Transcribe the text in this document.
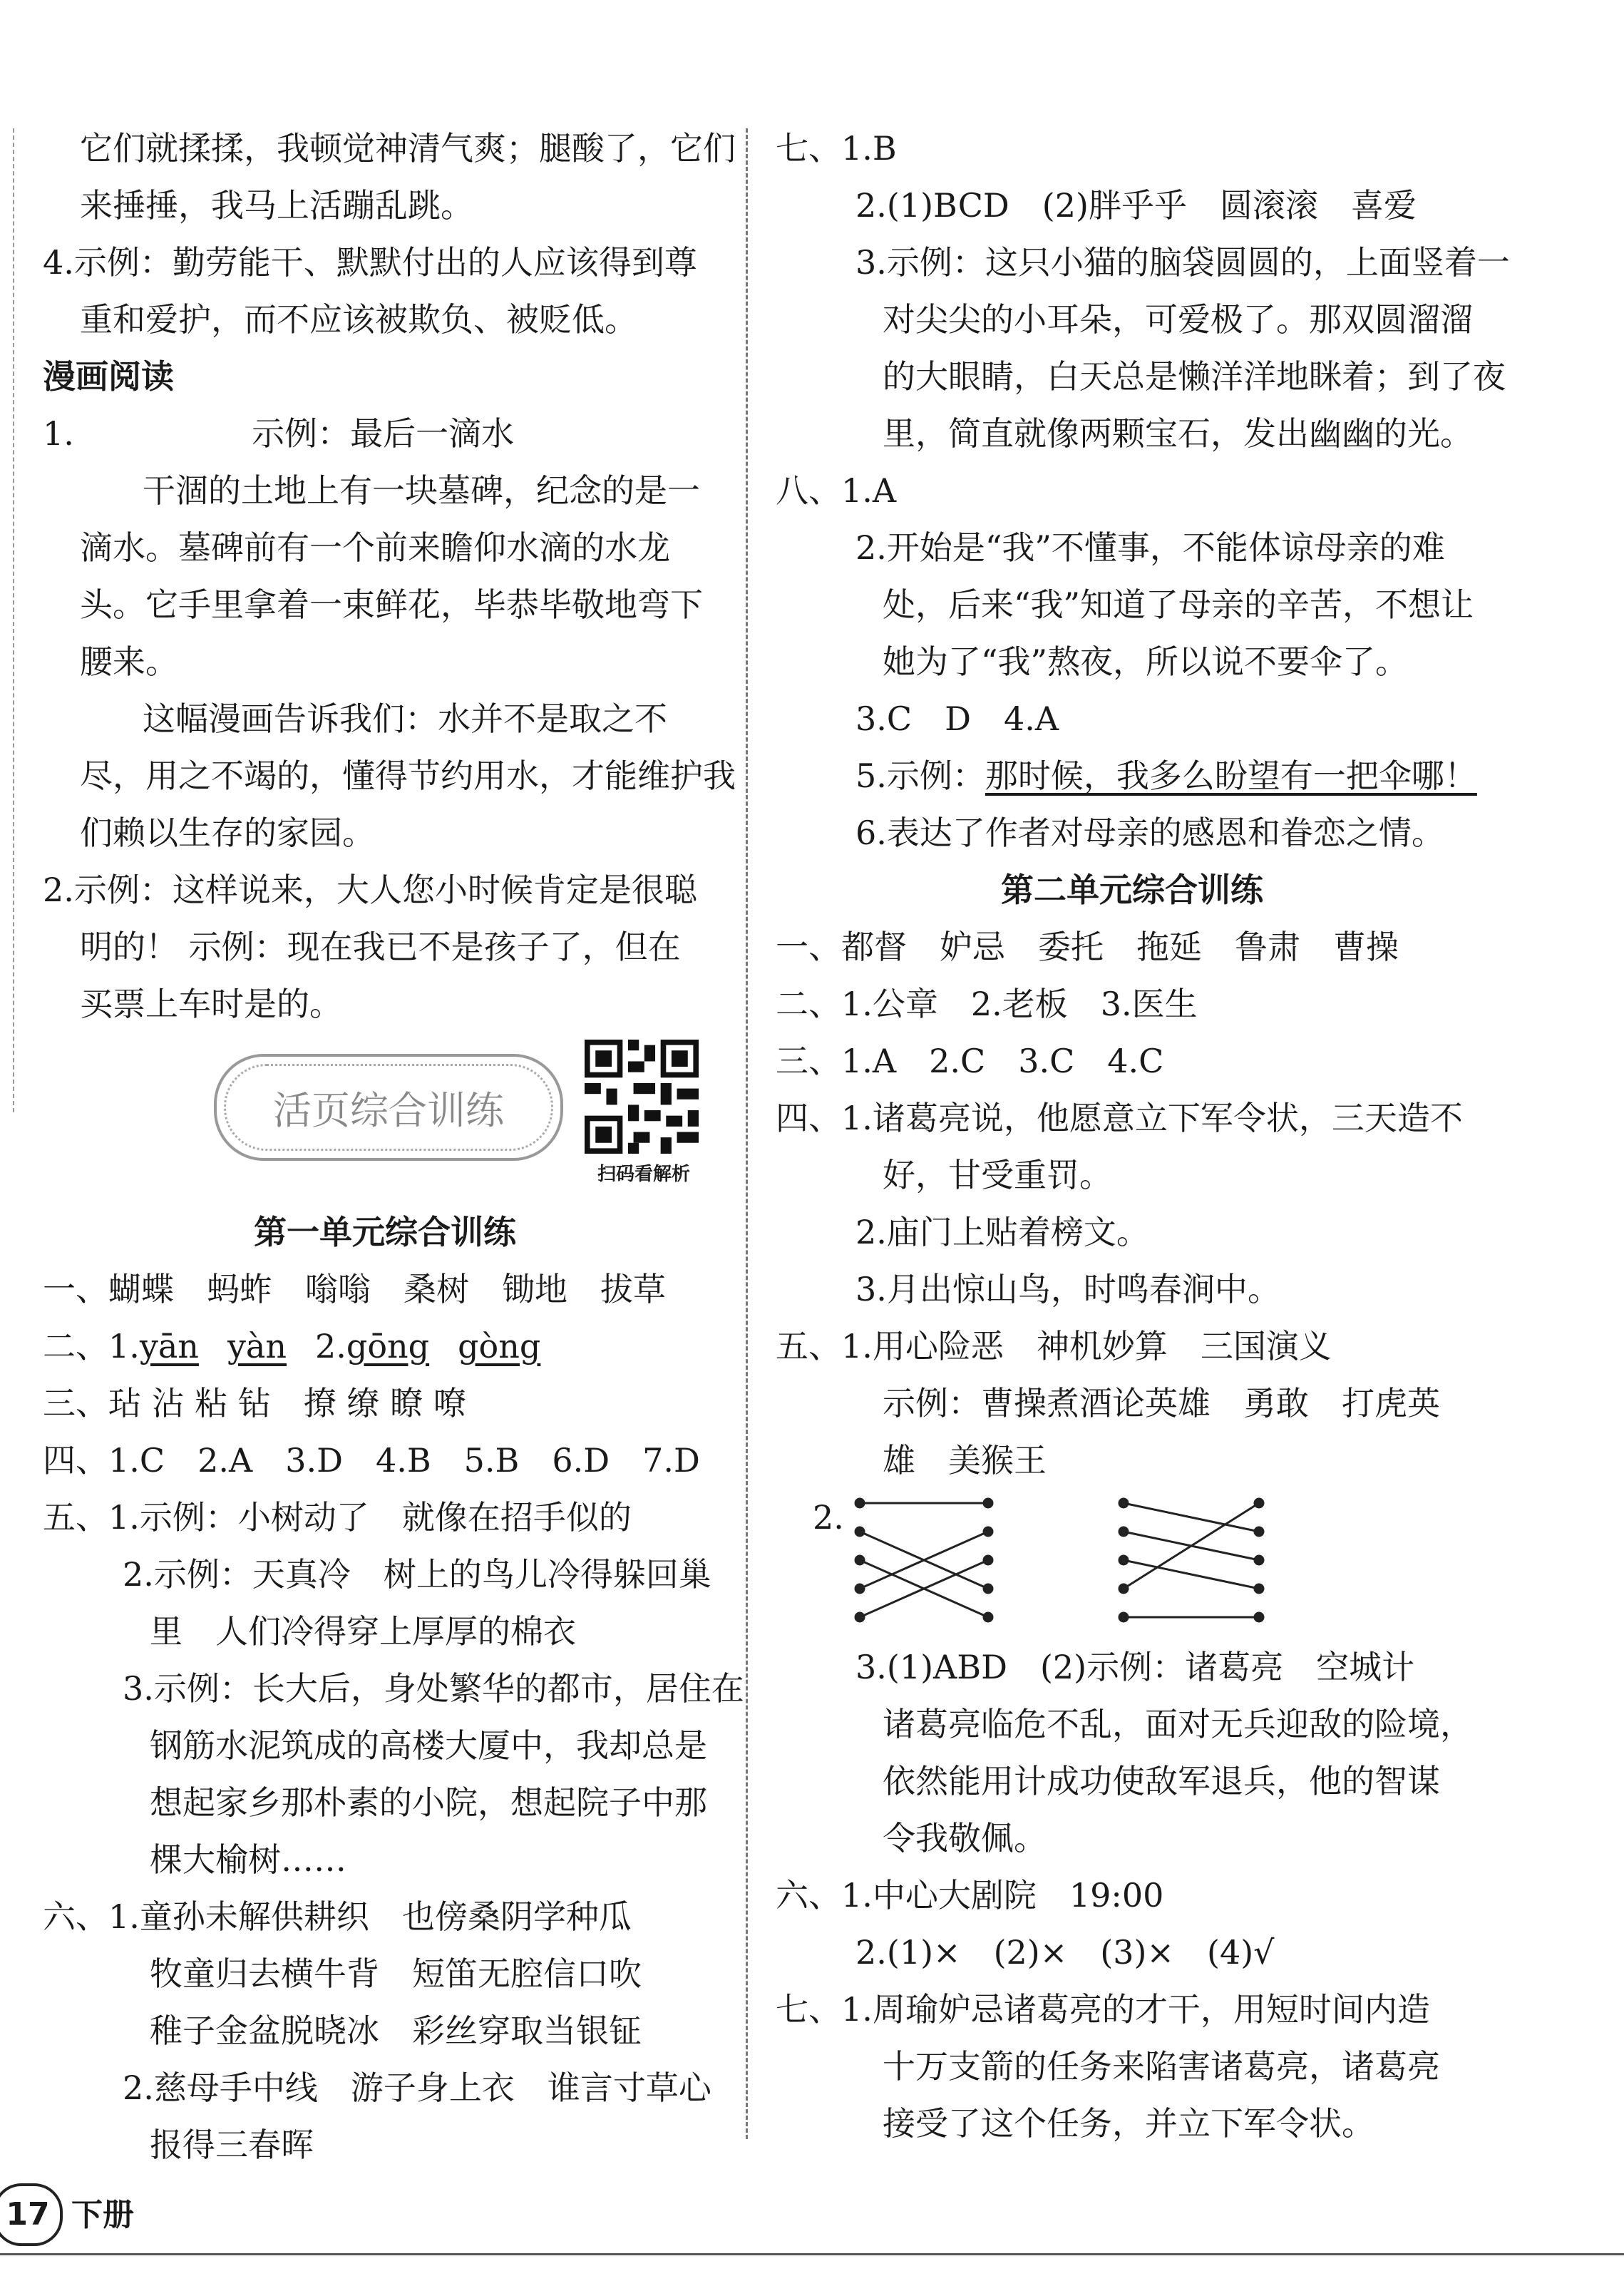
它们就揉揉，我顿觉神清气爽；腿酸了，它们
来捶捶，我马上活蹦乱跳。
4.示例：勤劳能干、默默付出的人应该得到尊
重和爱护，而不应该被欺负、被贬低。
漫画阅读
1.	示例：最后一滴水
干涸的土地上有一块墓碑，纪念的是一
滴水。墓碑前有一个前来瞻仰水滴的水龙
头。它手里拿着一束鲜花，毕恭毕敬地弯下
腰来。
这幅漫画告诉我们：水并不是取之不
尽，用之不竭的，懂得节约用水，才能维护我
们赖以生存的家园。
2.示例：这样说来，大人您小时候肯定是很聪
明的！ 示例：现在我已不是孩子了，但在
买票上车时是的。
活页综合训练
扫码看解析
第一单元综合训练
一、蝴蝶　蚂蚱　嗡嗡　桑树　锄地　拔草
二、1.yān yàn 2.gōng gòng
三、玷 沾 粘 钻　撩 缭 瞭 嘹
四、1.C　2.A　3.D　4.B　5.B　6.D　7.D
五、1.示例：小树动了　就像在招手似的
2.示例：天真冷　树上的鸟儿冷得躲回巢
里　人们冷得穿上厚厚的棉衣
3.示例：长大后，身处繁华的都市，居住在
钢筋水泥筑成的高楼大厦中，我却总是
想起家乡那朴素的小院，想起院子中那
棵大榆树……
六、1.童孙未解供耕织　也傍桑阴学种瓜
牧童归去横牛背　短笛无腔信口吹
稚子金盆脱晓冰　彩丝穿取当银钲
2.慈母手中线　游子身上衣　谁言寸草心
报得三春晖
七、1.B
2.(1)BCD　(2)胖乎乎　圆滚滚　喜爱
3.示例：这只小猫的脑袋圆圆的，上面竖着一
对尖尖的小耳朵，可爱极了。那双圆溜溜
的大眼睛，白天总是懒洋洋地眯着；到了夜
里，简直就像两颗宝石，发出幽幽的光。
八、1.A
2.开始是“我”不懂事，不能体谅母亲的难
处，后来“我”知道了母亲的辛苦，不想让
她为了“我”熬夜，所以说不要伞了。
3.C　D　4.A
5.示例：那时候，我多么盼望有一把伞哪！
6.表达了作者对母亲的感恩和眷恋之情。
第二单元综合训练
一、都督　妒忌　委托　拖延　鲁肃　曹操
二、1.公章　2.老板　3.医生
三、1.A　2.C　3.C　4.C
四、1.诸葛亮说，他愿意立下军令状，三天造不
好，甘受重罚。
2.庙门上贴着榜文。
3.月出惊山鸟，时鸣春涧中。
五、1.用心险恶　神机妙算　三国演义
示例：曹操煮酒论英雄　勇敢　打虎英
雄　美猴王
2.
3.(1)ABD　(2)示例：诸葛亮　空城计
诸葛亮临危不乱，面对无兵迎敌的险境，
依然能用计成功使敌军退兵，他的智谋
令我敬佩。
六、1.中心大剧院　19:00
2.(1)×　(2)×　(3)×　(4)√
七、1.周瑜妒忌诸葛亮的才干，用短时间内造
十万支箭的任务来陷害诸葛亮，诸葛亮
接受了这个任务，并立下军令状。
17 下册
